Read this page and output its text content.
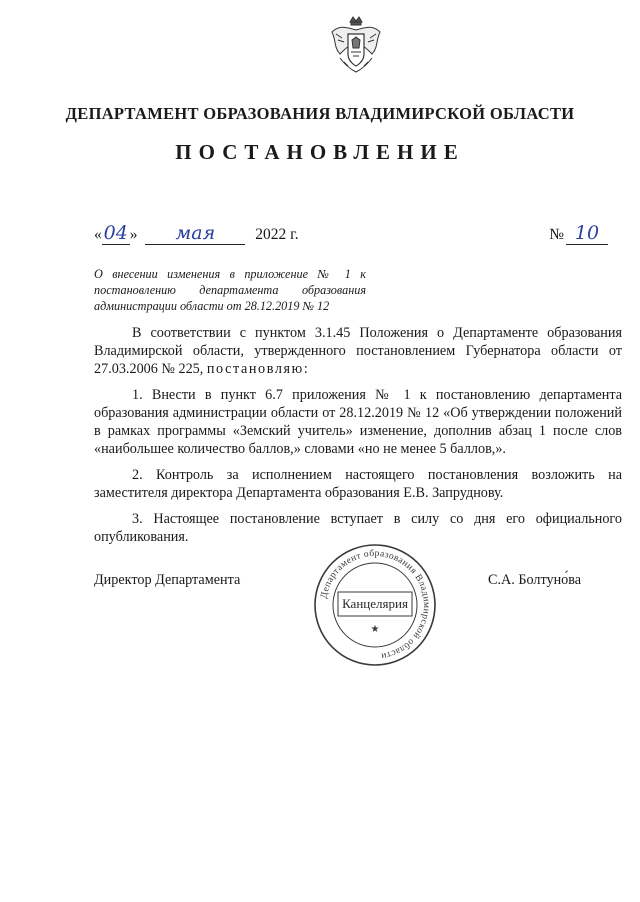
ДЕПАРТАМЕНТ ОБРАЗОВАНИЯ ВЛАДИМИРСКОЙ ОБЛАСТИ
ПОСТАНОВЛЕНИЕ
« 04 » мая	2022 г.	№ 10
О внесении изменения в приложение № 1 к постановлению департамента образования администрации области от 28.12.2019 № 12

В соответствии с пунктом 3.1.45 Положения о Департаменте образования Владимирской области, утвержденного постановлением Губернатора области от 27.03.2006 № 225, постановляю:

1. Внести в пункт 6.7 приложения № 1 к постановлению департамента образования администрации области от 28.12.2019 № 12 «Об утверждении положений в рамках программы «Земский учитель» изменение, дополнив абзац 1 после слов «наибольшее количество баллов,» словами «но не менее 5 баллов,».

2. Контроль за исполнением настоящего постановления возложить на заместителя директора Департамента образования Е.В. Запруднову.

3. Настоящее постановление вступает в силу со дня его официального опубликования.

Директор Департамента	С.А. Болтуно́ва
Департамент образования Владимирской области
★
Канцелярия
